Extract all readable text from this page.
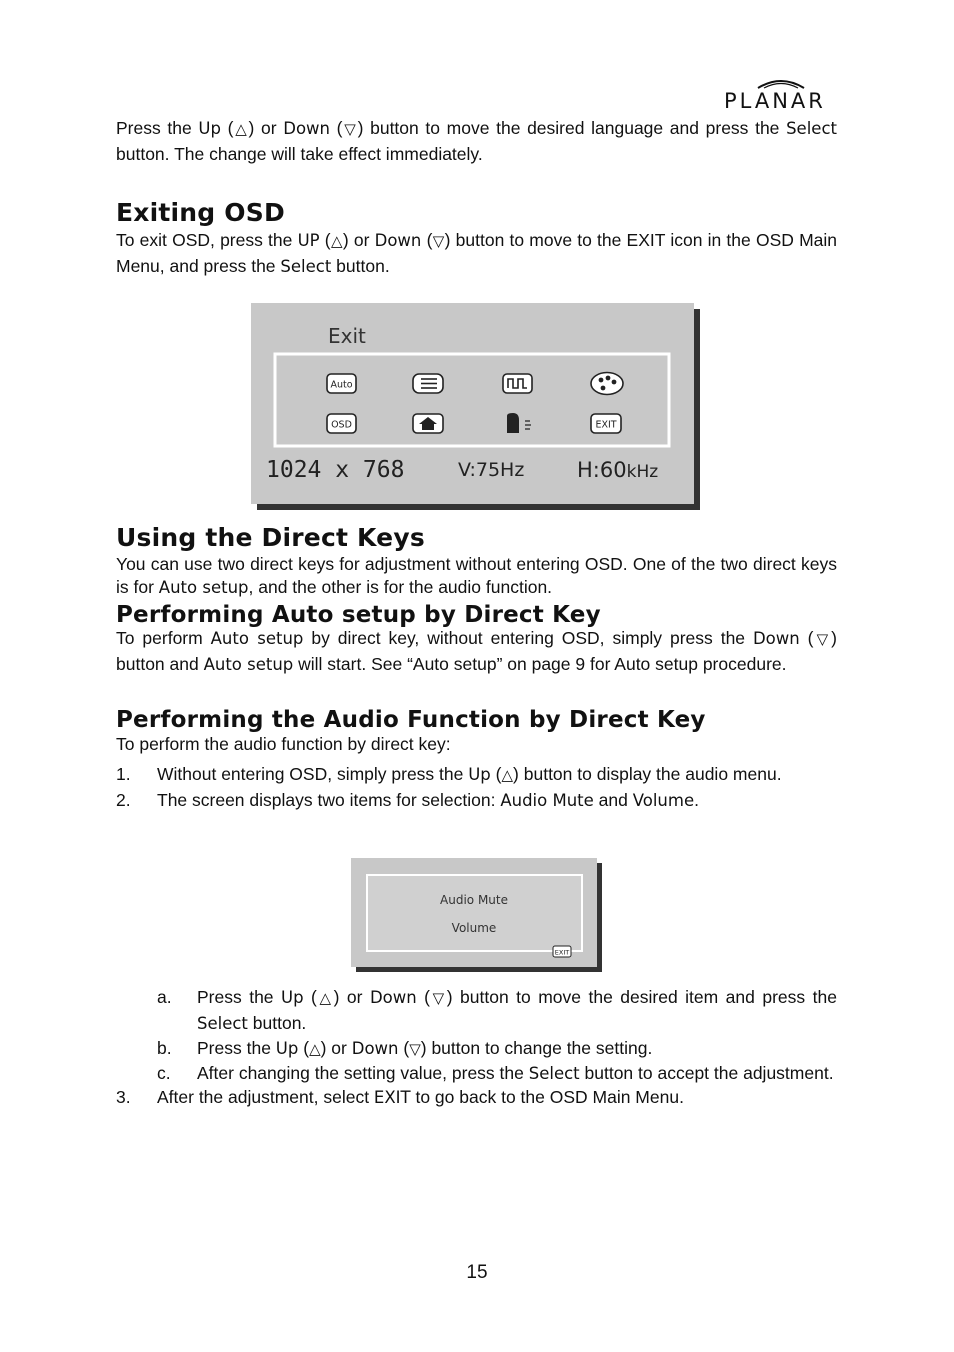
PLANAR

Press the Up (△) or Down (▽) button to move the desired language and press the Select button. The change will take effect immediately.

Exiting OSD

To exit OSD, press the UP (△) or Down (▽) button to move to the EXIT icon in the OSD Main Menu, and press the Select button.

Exit
Auto
OSD	EXIT
1024 x 768	V:75Hz	H:60kHz
Using the Direct Keys

You can use two direct keys for adjustment without entering OSD. One of the two direct keys is for Auto setup, and the other is for the audio function.

Performing Auto setup by Direct Key

To perform Auto setup by direct key, without entering OSD, simply press the Down (▽) button and Auto setup will start. See “Auto setup” on page 9 for Auto setup procedure.

Performing the Audio Function by Direct Key

To perform the audio function by direct key:

1. Without entering OSD, simply press the Up (△) button to display the audio menu.
2. The screen displays two items for selection: Audio Mute and Volume.
Audio Mute
Volume
EXIT
a. Press the Up (△) or Down (▽) button to move the desired item and press the Select button.
b. Press the Up (△) or Down (▽) button to change the setting.
c. After changing the setting value, press the Select button to accept the adjustment.
3. After the adjustment, select EXIT to go back to the OSD Main Menu.
15
